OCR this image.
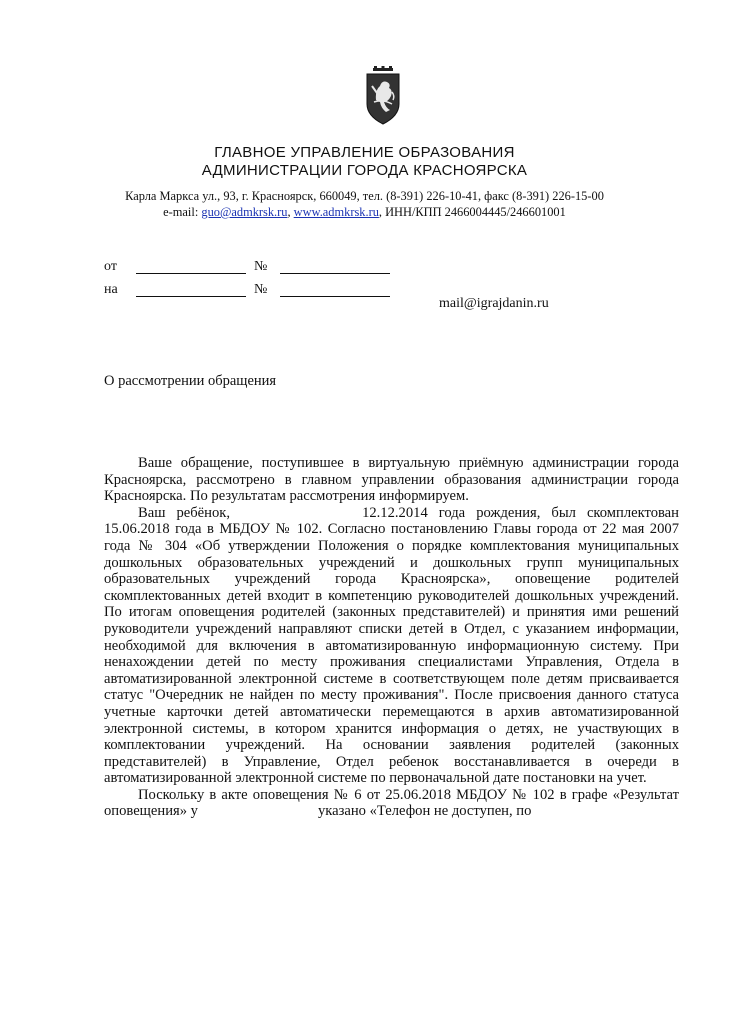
ГЛАВНОЕ УПРАВЛЕНИЕ ОБРАЗОВАНИЯ
АДМИНИСТРАЦИИ ГОРОДА КРАСНОЯРСКА
Карла Маркса ул., 93, г. Красноярск, 660049, тел. (8-391) 226-10-41, факс (8-391) 226-15-00
e-mail: guo@admkrsk.ru, www.admkrsk.ru, ИНН/КПП 2466004445/246601001
от	№
на	№
mail@igrajdanin.ru
О рассмотрении обращения

Ваше обращение, поступившее в виртуальную приёмную администрации города Красноярска, рассмотрено в главном управлении образования администрации города Красноярска. По результатам рассмотрения информируем.

Ваш ребёнок,	12.12.2014 года рождения, был скомплектован 15.06.2018 года в МБДОУ № 102. Согласно постановлению Главы города от 22 мая 2007 года № 304 «Об утверждении Положения о порядке комплектования муниципальных дошкольных образовательных учреждений и дошкольных групп муниципальных образовательных учреждений города Красноярска», оповещение родителей скомплектованных детей входит в компетенцию руководителей дошкольных учреждений. По итогам оповещения родителей (законных представителей) и принятия ими решений руководители учреждений направляют списки детей в Отдел, с указанием информации, необходимой для включения в автоматизированную информационную систему. При ненахождении детей по месту проживания специалистами Управления, Отдела в автоматизированной электронной системе в соответствующем поле детям присваивается статус "Очередник не найден по месту проживания". После присвоения данного статуса учетные карточки детей автоматически перемещаются в архив автоматизированной электронной системы, в котором хранится информация о детях, не участвующих в комплектовании учреждений. На основании заявления родителей (законных представителей) в Управление, Отдел ребенок восстанавливается в очереди в автоматизированной электронной системе по первоначальной дате постановки на учет.

Поскольку в акте оповещения № 6 от 25.06.2018 МБДОУ № 102 в графе «Результат оповещения» у	указано «Телефон не доступен, по
